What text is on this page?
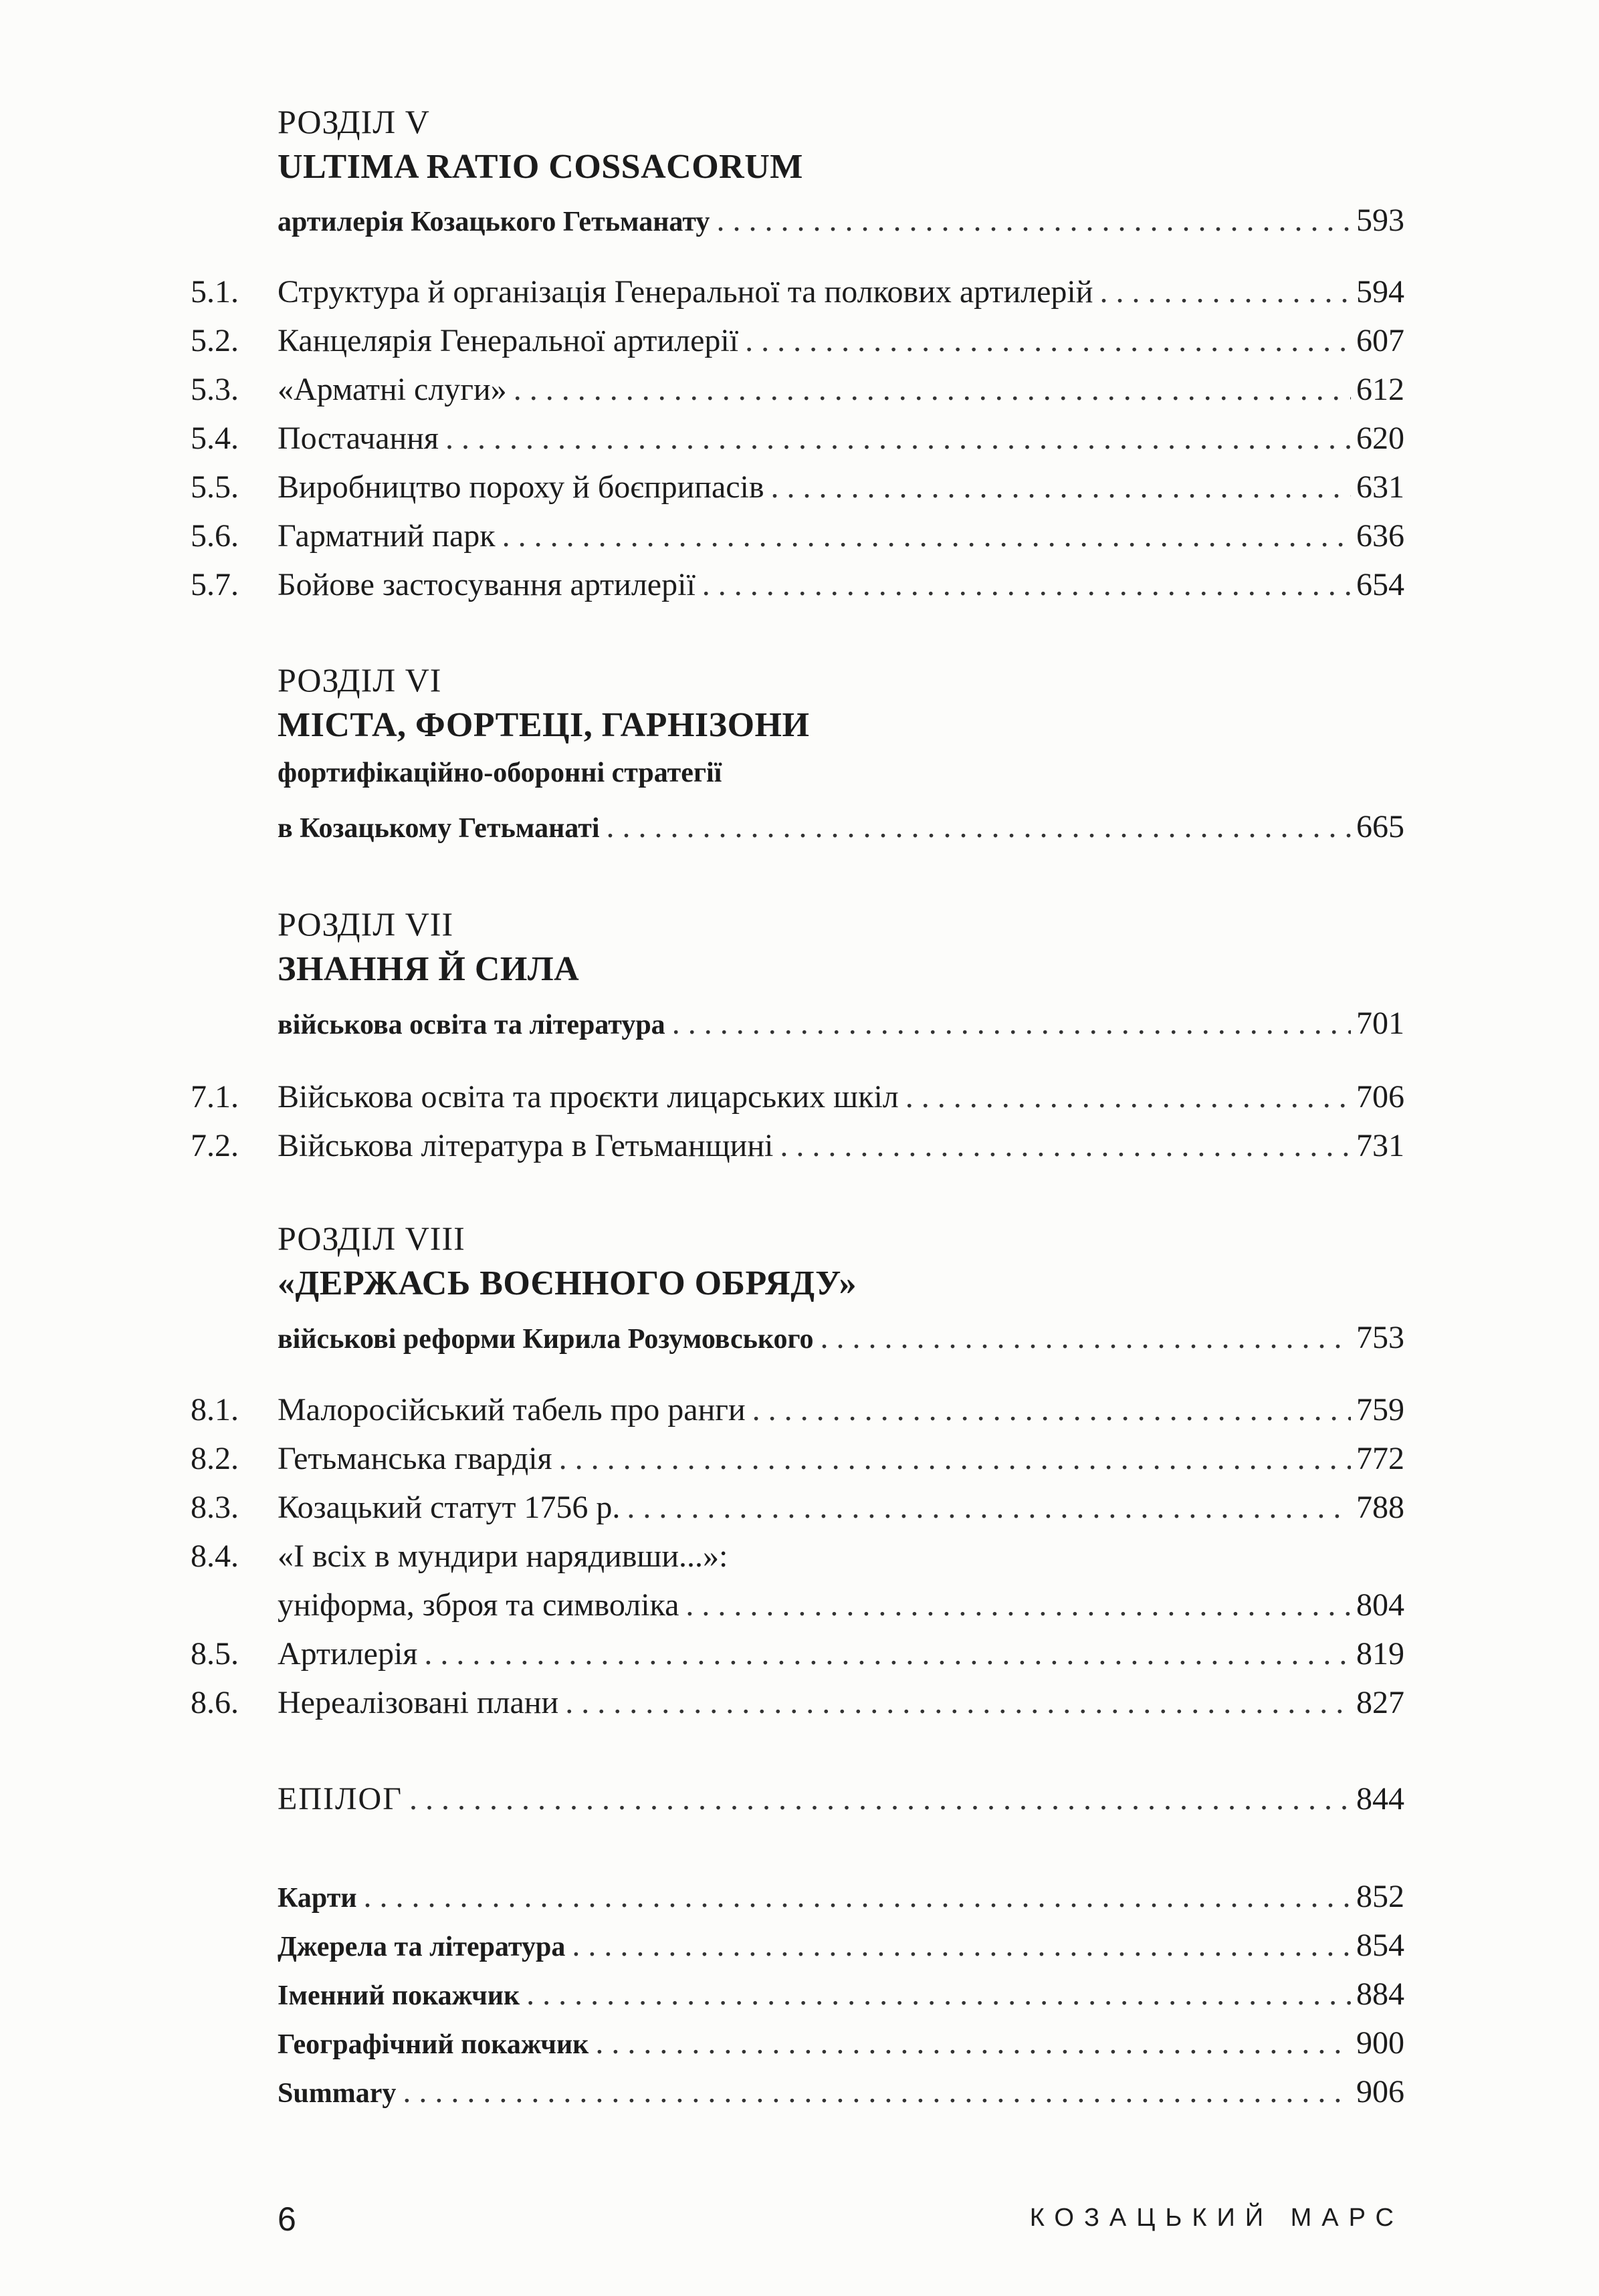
РОЗДІЛ V
ULTIMA RATIO COSSACORUM
артилерія Козацького Гетьманату . . .	593
5.1.	Структура й організація Генеральної та полкових артилерій . . .	594
5.2.	Канцелярія Генеральної артилерії . . .	607
5.3.	«Арматні слуги» . . .	612
5.4.	Постачання . . .	620
5.5.	Виробництво пороху й боєприпасів . . .	631
5.6.	Гарматний парк . . .	636
5.7.	Бойове застосування артилерії . . .	654
РОЗДІЛ VI
МІСТА, ФОРТЕЦІ, ГАРНІЗОНИ
фортифікаційно-оборонні стратегії
в Козацькому Гетьманаті . . .	665
РОЗДІЛ VII
ЗНАННЯ Й СИЛА
військова освіта та література . . .	701
7.1.	Військова освіта та проєкти лицарських шкіл . . .	706
7.2.	Військова література в Гетьманщині . . .	731
РОЗДІЛ VIII
«ДЕРЖАСЬ ВОЄННОГО ОБРЯДУ»
військові реформи Кирила Розумовського . . .	753
8.1.	Малоросійський табель про ранги . . .	759
8.2.	Гетьманська гвардія . . .	772
8.3.	Козацький статут 1756 р. . . .	788
8.4.	«І всіх в мундири нарядивши...»:
уніформа, зброя та символіка . . .	804
8.5.	Артилерія . . .	819
8.6.	Нереалізовані плани . . .	827
ЕПІЛОГ . . .	844
Карти . . .	852
Джерела та література . . .	854
Іменний покажчик . . .	884
Географічний покажчик . . .	900
Summary . . .	906
6	КОЗАЦЬКИЙ МАРС
